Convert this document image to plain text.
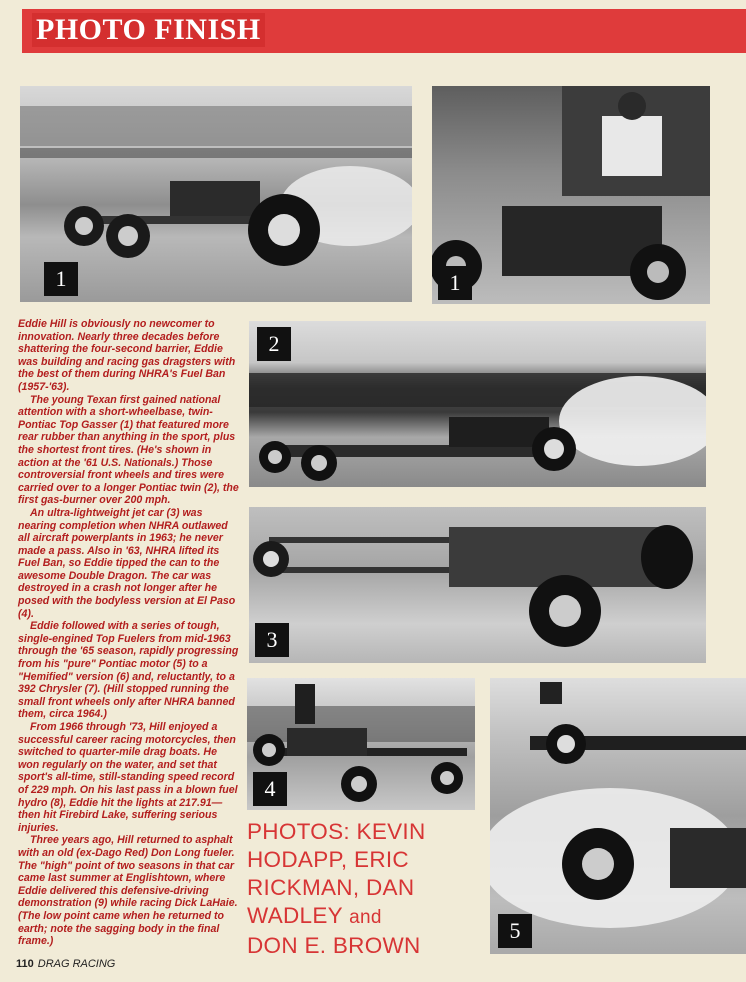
PHOTO FINISH
1	1
2
3
4
5

Eddie Hill is obviously no newcomer to innovation. Nearly three decades before shattering the four-second barrier, Eddie was building and racing gas dragsters with the best of them during NHRA's Fuel Ban (1957-'63).

The young Texan first gained national attention with a short-wheelbase, twin-Pontiac Top Gasser (1) that featured more rear rubber than anything in the sport, plus the shortest front tires. (He's shown in action at the '61 U.S. Nationals.) Those controversial front wheels and tires were carried over to a longer Pontiac twin (2), the first gas-burner over 200 mph.

An ultra-lightweight jet car (3) was nearing completion when NHRA outlawed all aircraft powerplants in 1963; he never made a pass. Also in '63, NHRA lifted its Fuel Ban, so Eddie tipped the can to the awesome Double Dragon. The car was destroyed in a crash not longer after he posed with the bodyless version at El Paso (4).

Eddie followed with a series of tough, single-engined Top Fuelers from mid-1963 through the '65 season, rapidly progressing from his "pure" Pontiac motor (5) to a "Hemified" version (6) and, reluctantly, to a 392 Chrysler (7). (Hill stopped running the small front wheels only after NHRA banned them, circa 1964.)

From 1966 through '73, Hill enjoyed a successful career racing motorcycles, then switched to quarter-mile drag boats. He won regularly on the water, and set that sport's all-time, still-standing speed record of 229 mph. On his last pass in a blown fuel hydro (8), Eddie hit the lights at 217.91—then hit Firebird Lake, suffering serious injuries.

Three years ago, Hill returned to asphalt with an old (ex-Dago Red) Don Long fueler. The "high" point of two seasons in that car came last summer at Englishtown, where Eddie delivered this defensive-driving demonstration (9) while racing Dick LaHaie. (The low point came when he returned to earth; note the sagging body in the final frame.)

PHOTOS: KEVIN
HODAPP, ERIC
RICKMAN, DAN
WADLEY and
DON E. BROWN
110 DRAG RACING
